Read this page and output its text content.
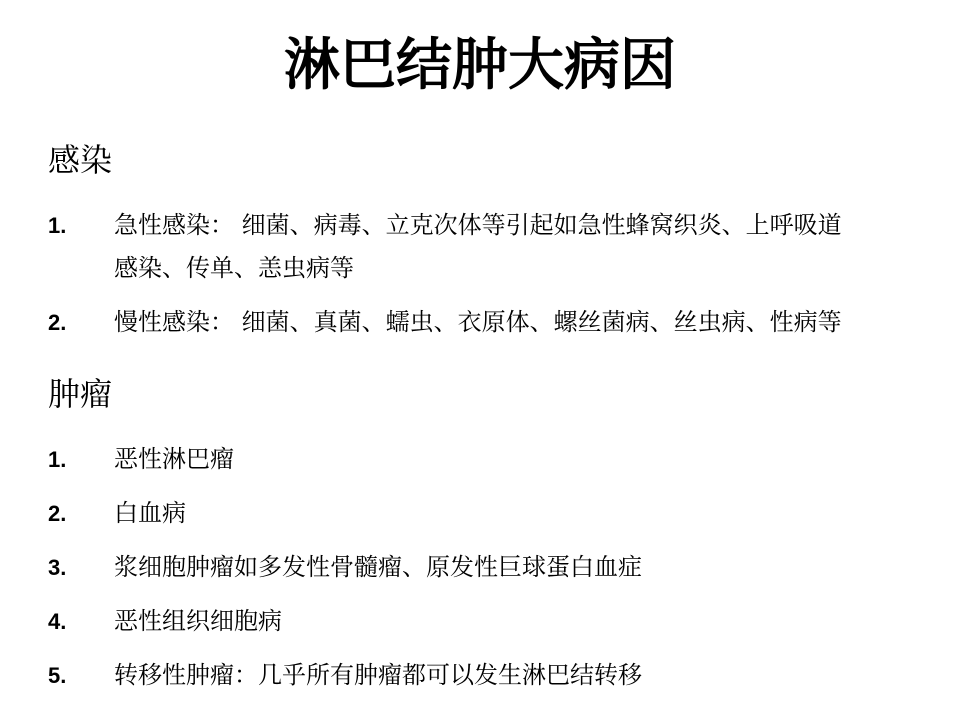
淋巴结肿大病因
感染
1. 急性感染： 细菌、病毒、立克次体等引起如急性蜂窝织炎、上呼吸道
感染、传单、恙虫病等
2. 慢性感染： 细菌、真菌、蠕虫、衣原体、螺丝菌病、丝虫病、性病等
肿瘤
1. 恶性淋巴瘤
2. 白血病
3. 浆细胞肿瘤如多发性骨髓瘤、原发性巨球蛋白血症
4. 恶性组织细胞病
5. 转移性肿瘤：几乎所有肿瘤都可以发生淋巴结转移
